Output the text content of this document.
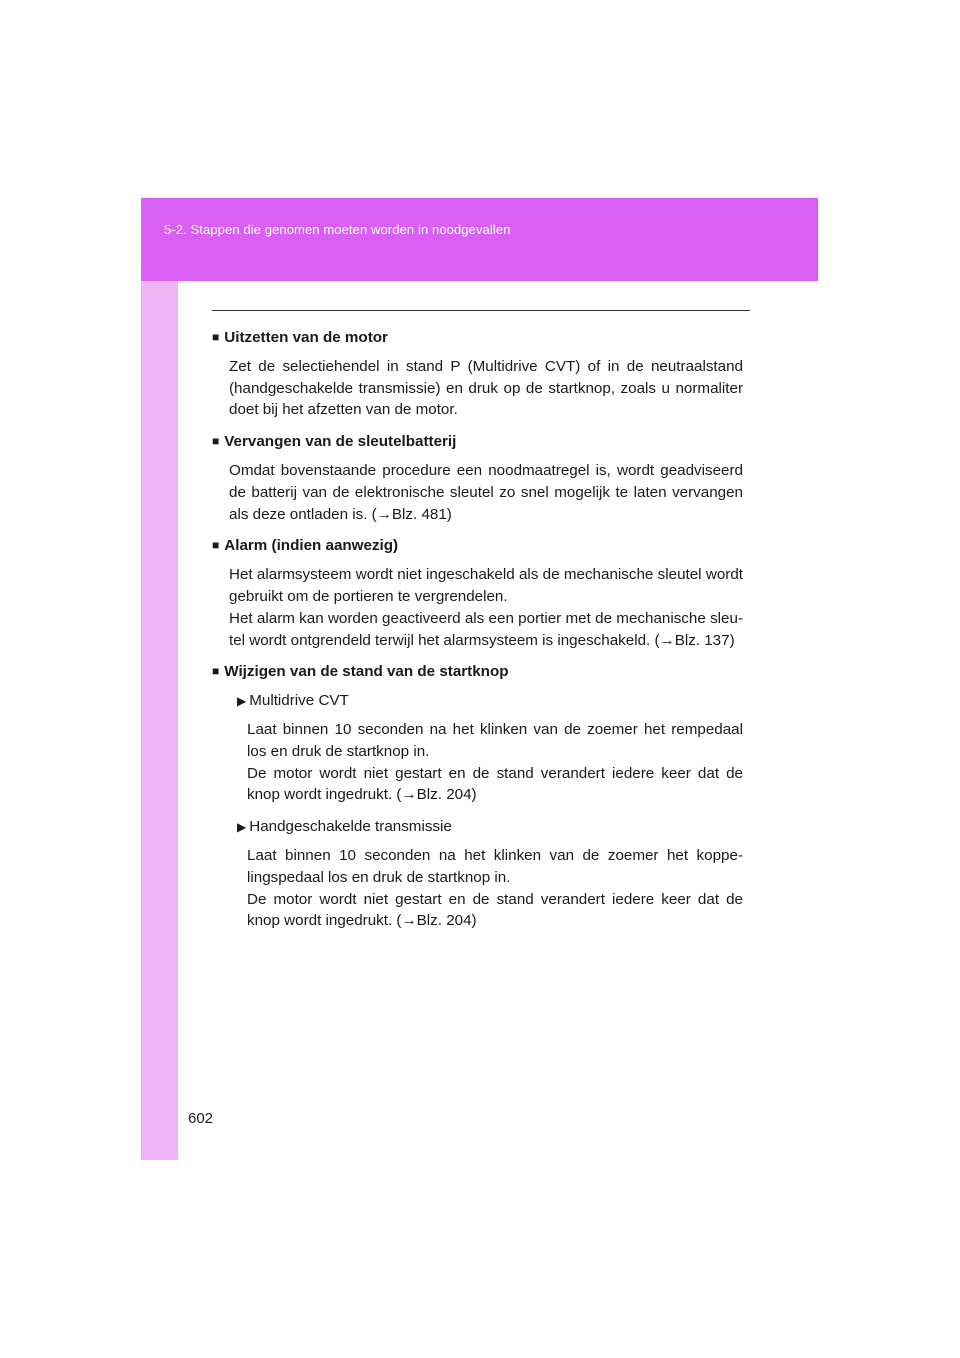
5-2. Stappen die genomen moeten worden in noodgevallen
■ Uitzetten van de motor

Zet de selectiehendel in stand P (Multidrive CVT) of in de neutraalstand (handgeschakelde transmissie) en druk op de startknop, zoals u normaliter doet bij het afzetten van de motor.

■ Vervangen van de sleutelbatterij

Omdat bovenstaande procedure een noodmaatregel is, wordt geadviseerd de batterij van de elektronische sleutel zo snel mogelijk te laten vervangen als deze ontladen is. (→Blz. 481)

■ Alarm (indien aanwezig)

Het alarmsysteem wordt niet ingeschakeld als de mechanische sleutel wordt gebruikt om de portieren te vergrendelen.

Het alarm kan worden geactiveerd als een portier met de mechanische sleu-tel wordt ontgrendeld terwijl het alarmsysteem is ingeschakeld. (→Blz. 137)

■ Wijzigen van de stand van de startknop
▶ Multidrive CVT

Laat binnen 10 seconden na het klinken van de zoemer het rempedaal los en druk de startknop in.

De motor wordt niet gestart en de stand verandert iedere keer dat de knop wordt ingedrukt. (→Blz. 204)

▶ Handgeschakelde transmissie

Laat binnen 10 seconden na het klinken van de zoemer het koppe-lingspedaal los en druk de startknop in.

De motor wordt niet gestart en de stand verandert iedere keer dat de knop wordt ingedrukt. (→Blz. 204)

602
